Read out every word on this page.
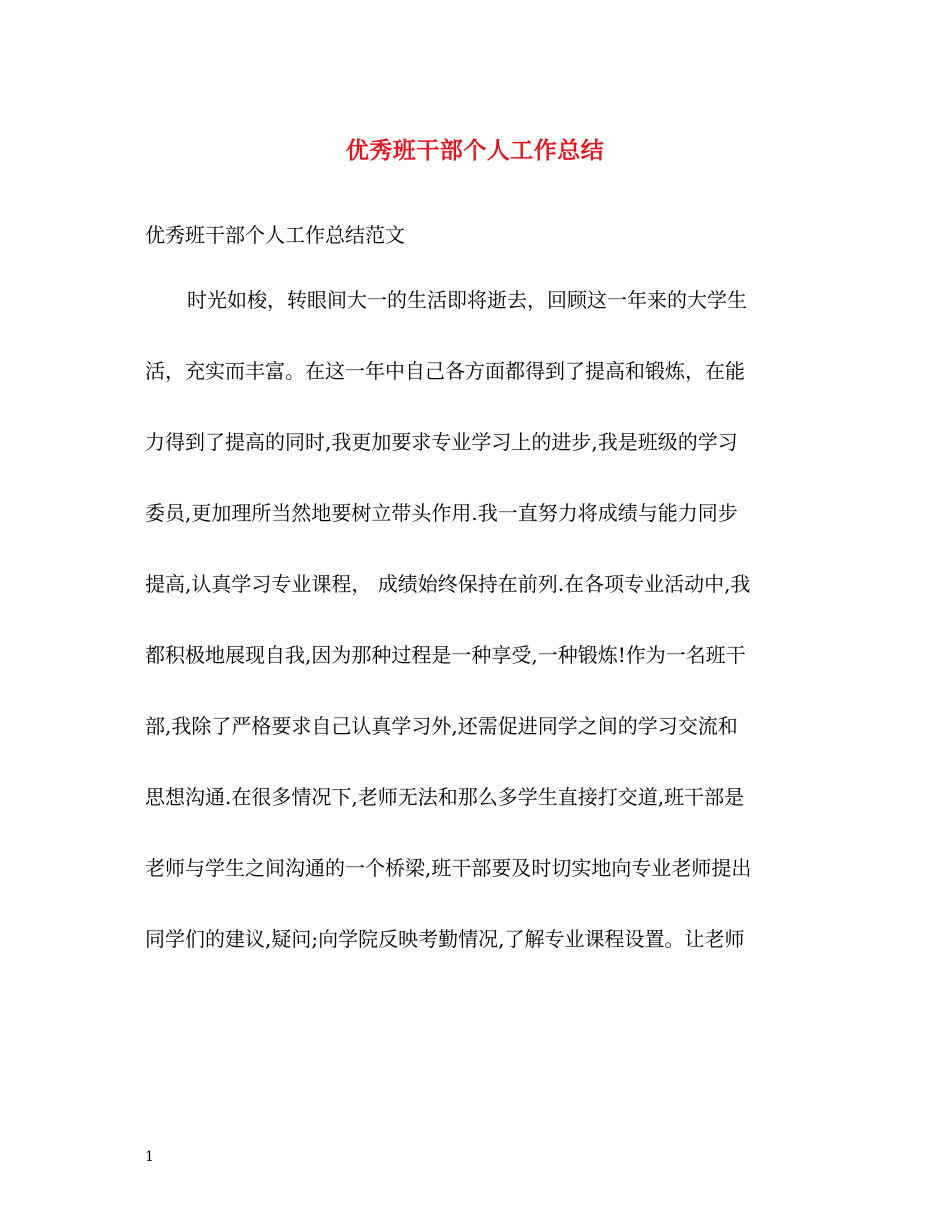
优秀班干部个人工作总结
优秀班干部个人工作总结范文
时光如梭，转眼间大一的生活即将逝去，回顾这一年来的大学生
活，充实而丰富。在这一年中自己各方面都得到了提高和锻炼，在能
力得到了提高的同时,我更加要求专业学习上的进步,我是班级的学习
委员,更加理所当然地要树立带头作用.我一直努力将成绩与能力同步
提高,认真学习专业课程， 成绩始终保持在前列.在各项专业活动中,我
都积极地展现自我,因为那种过程是一种享受,一种锻炼!作为一名班干
部,我除了严格要求自己认真学习外,还需促进同学之间的学习交流和
思想沟通.在很多情况下,老师无法和那么多学生直接打交道,班干部是
老师与学生之间沟通的一个桥梁,班干部要及时切实地向专业老师提出
同学们的建议,疑问;向学院反映考勤情况,了解专业课程设置。让老师
1
